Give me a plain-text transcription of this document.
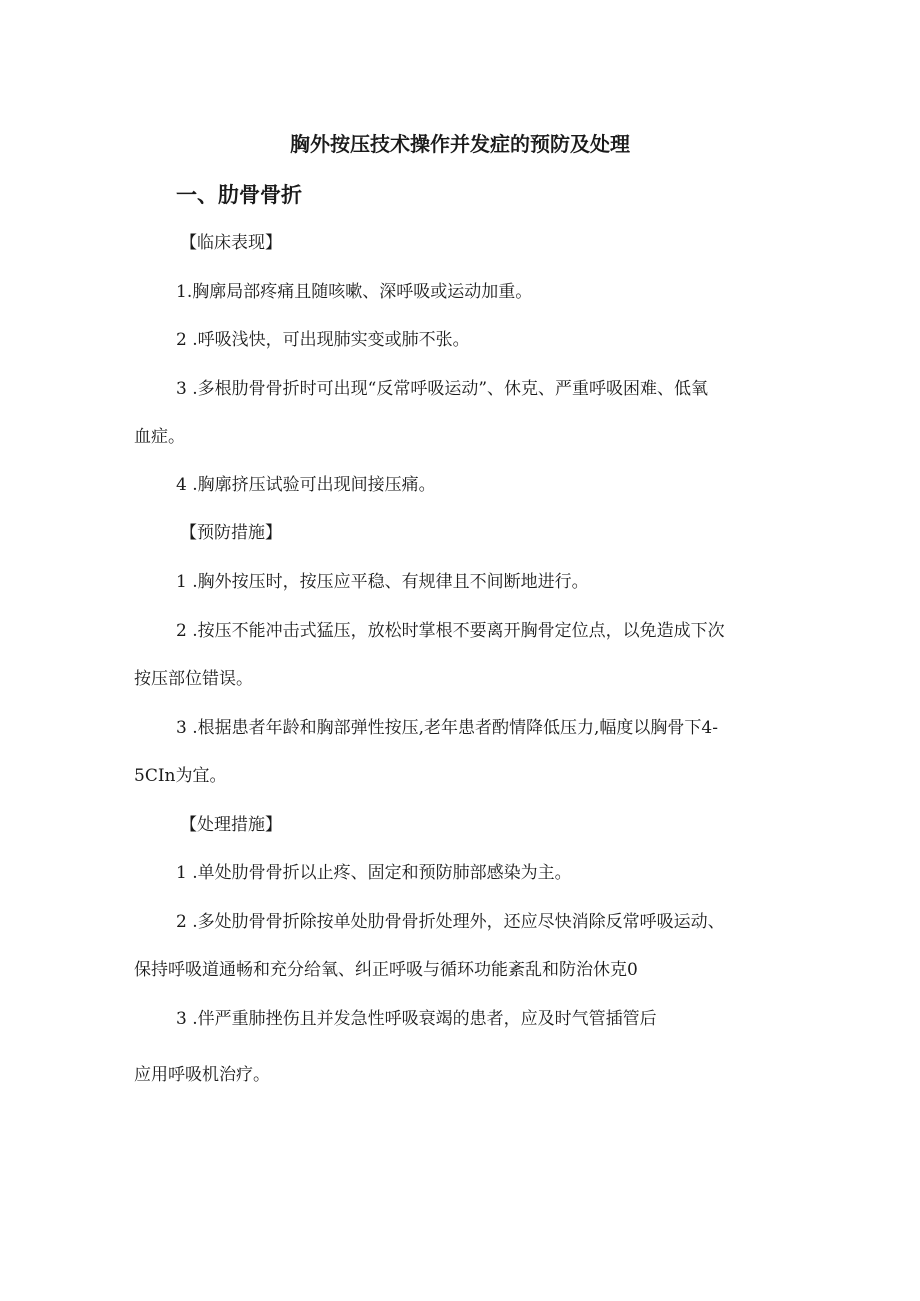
胸外按压技术操作并发症的预防及处理
一、肋骨骨折
【临床表现】
1.胸廓局部疼痛且随咳嗽、深呼吸或运动加重。
2 .呼吸浅快，可出现肺实变或肺不张。
3 .多根肋骨骨折时可出现“反常呼吸运动”、休克、严重呼吸困难、低氧
血症。
4 .胸廓挤压试验可出现间接压痛。
【预防措施】
1 .胸外按压时，按压应平稳、有规律且不间断地进行。
2 .按压不能冲击式猛压，放松时掌根不要离开胸骨定位点，以免造成下次
按压部位错误。
3 .根据患者年龄和胸部弹性按压,老年患者酌情降低压力,幅度以胸骨下4-
5CIn为宜。
【处理措施】
1 .单处肋骨骨折以止疼、固定和预防肺部感染为主。
2 .多处肋骨骨折除按单处肋骨骨折处理外，还应尽快消除反常呼吸运动、
保持呼吸道通畅和充分给氧、纠正呼吸与循环功能紊乱和防治休克0
3 .伴严重肺挫伤且并发急性呼吸衰竭的患者，应及时气管插管后
应用呼吸机治疗。
